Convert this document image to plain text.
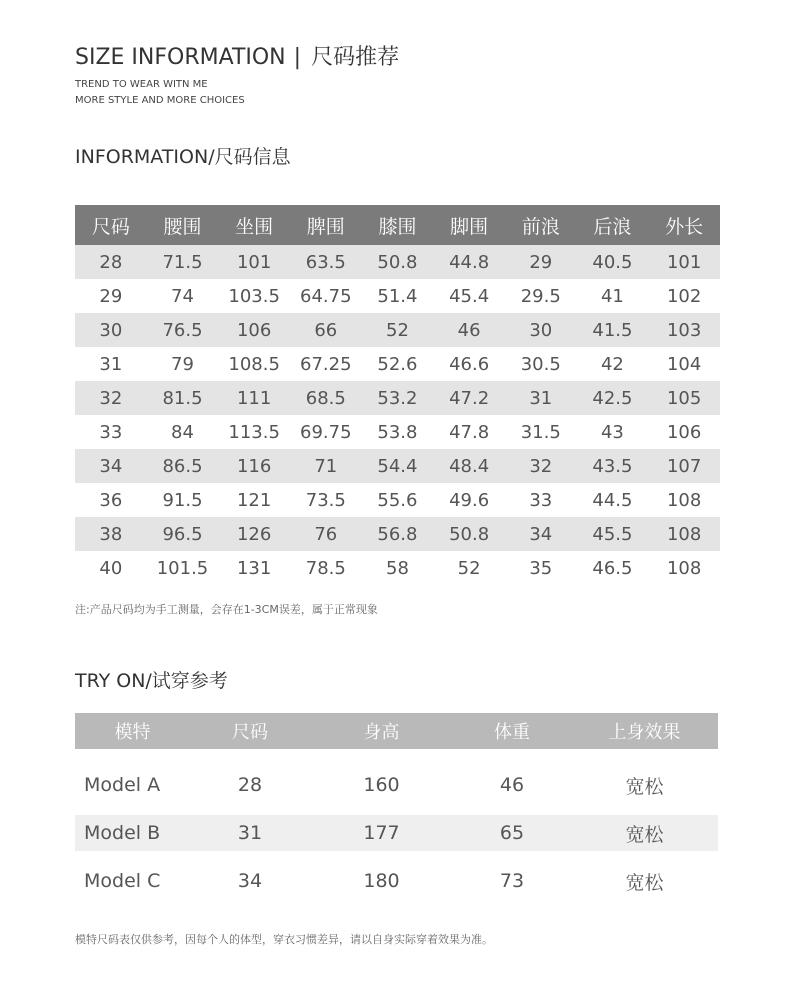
SIZE INFORMATION | 尺码推荐
TREND TO WEAR WITN ME
MORE STYLE AND MORE CHOICES
INFORMATION/尺码信息
尺码	腰围	坐围	脾围	膝围	脚围	前浪	后浪	外长
28	71.5	101	63.5	50.8	44.8	29	40.5	101
29	74	103.5	64.75	51.4	45.4	29.5	41	102
30	76.5	106	66	52	46	30	41.5	103
31	79	108.5	67.25	52.6	46.6	30.5	42	104
32	81.5	111	68.5	53.2	47.2	31	42.5	105
33	84	113.5	69.75	53.8	47.8	31.5	43	106
34	86.5	116	71	54.4	48.4	32	43.5	107
36	91.5	121	73.5	55.6	49.6	33	44.5	108
38	96.5	126	76	56.8	50.8	34	45.5	108
40	101.5	131	78.5	58	52	35	46.5	108
注:产品尺码均为手工测量，会存在1-3CM误差，属于正常现象
TRY ON/试穿参考
模特	尺码	身高	体重	上身效果

Model A	28	160	46	宽松

Model B	31	177	65	宽松

Model C	34	180	73	宽松
模特尺码表仅供参考，因每个人的体型，穿衣习惯差异，请以自身实际穿着效果为准。
